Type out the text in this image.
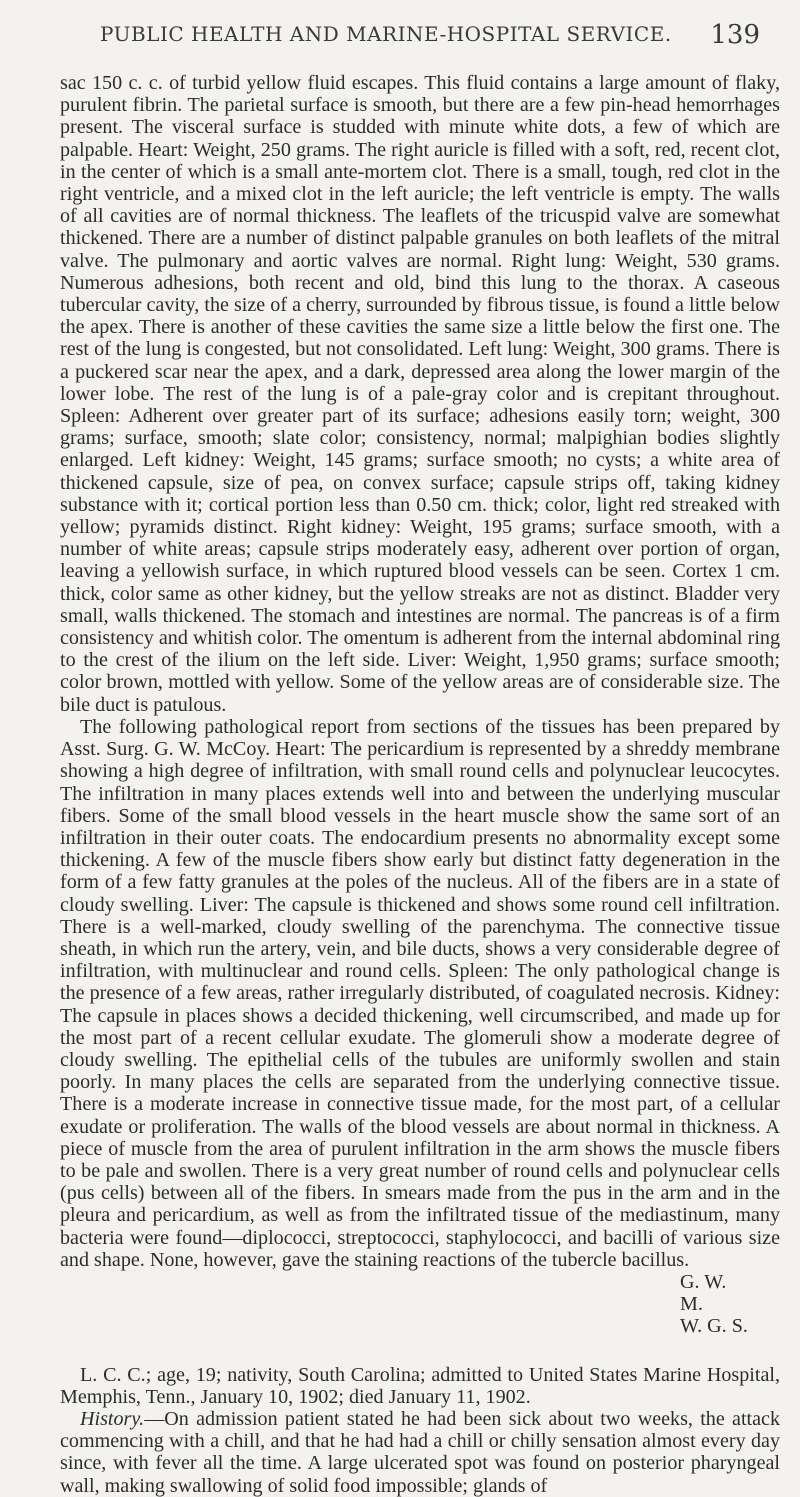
PUBLIC HEALTH AND MARINE-HOSPITAL SERVICE. 139

sac 150 c. c. of turbid yellow fluid escapes. This fluid contains a large amount of flaky, purulent fibrin. The parietal surface is smooth, but there are a few pin-head hemorrhages present. The visceral surface is studded with minute white dots, a few of which are palpable. Heart: Weight, 250 grams. The right auricle is filled with a soft, red, recent clot, in the center of which is a small ante-mortem clot. There is a small, tough, red clot in the right ventricle, and a mixed clot in the left auricle; the left ventricle is empty. The walls of all cavities are of normal thickness. The leaflets of the tricuspid valve are somewhat thickened. There are a number of distinct palpable granules on both leaflets of the mitral valve. The pulmonary and aortic valves are normal. Right lung: Weight, 530 grams. Numerous adhesions, both recent and old, bind this lung to the thorax. A caseous tubercular cavity, the size of a cherry, surrounded by fibrous tissue, is found a little below the apex. There is another of these cavities the same size a little below the first one. The rest of the lung is congested, but not consolidated. Left lung: Weight, 300 grams. There is a puckered scar near the apex, and a dark, depressed area along the lower margin of the lower lobe. The rest of the lung is of a pale-gray color and is crepitant throughout. Spleen: Adherent over greater part of its surface; adhesions easily torn; weight, 300 grams; surface, smooth; slate color; consistency, normal; malpighian bodies slightly enlarged. Left kidney: Weight, 145 grams; surface smooth; no cysts; a white area of thickened capsule, size of pea, on convex surface; capsule strips off, taking kidney substance with it; cortical portion less than 0.50 cm. thick; color, light red streaked with yellow; pyramids distinct. Right kidney: Weight, 195 grams; surface smooth, with a number of white areas; capsule strips moderately easy, adherent over portion of organ, leaving a yellowish surface, in which ruptured blood vessels can be seen. Cortex 1 cm. thick, color same as other kidney, but the yellow streaks are not as distinct. Bladder very small, walls thickened. The stomach and intestines are normal. The pancreas is of a firm consistency and whitish color. The omentum is adherent from the internal abdominal ring to the crest of the ilium on the left side. Liver: Weight, 1,950 grams; surface smooth; color brown, mottled with yellow. Some of the yellow areas are of considerable size. The bile duct is patulous.

The following pathological report from sections of the tissues has been prepared by Asst. Surg. G. W. McCoy. Heart: The pericardium is represented by a shreddy membrane showing a high degree of infiltration, with small round cells and polynuclear leucocytes. The infiltration in many places extends well into and between the underlying muscular fibers. Some of the small blood vessels in the heart muscle show the same sort of an infiltration in their outer coats. The endocardium presents no abnormality except some thickening. A few of the muscle fibers show early but distinct fatty degeneration in the form of a few fatty granules at the poles of the nucleus. All of the fibers are in a state of cloudy swelling. Liver: The capsule is thickened and shows some round cell infiltration. There is a well-marked, cloudy swelling of the parenchyma. The connective tissue sheath, in which run the artery, vein, and bile ducts, shows a very considerable degree of infiltration, with multinuclear and round cells. Spleen: The only pathological change is the presence of a few areas, rather irregularly distributed, of coagulated necrosis. Kidney: The capsule in places shows a decided thickening, well circumscribed, and made up for the most part of a recent cellular exudate. The glomeruli show a moderate degree of cloudy swelling. The epithelial cells of the tubules are uniformly swollen and stain poorly. In many places the cells are separated from the underlying connective tissue. There is a moderate increase in connective tissue made, for the most part, of a cellular exudate or proliferation. The walls of the blood vessels are about normal in thickness. A piece of muscle from the area of purulent infiltration in the arm shows the muscle fibers to be pale and swollen. There is a very great number of round cells and polynuclear cells (pus cells) between all of the fibers. In smears made from the pus in the arm and in the pleura and pericardium, as well as from the infiltrated tissue of the mediastinum, many bacteria were found—diplococci, streptococci, staphylococci, and bacilli of various size and shape. None, however, gave the staining reactions of the tubercle bacillus.

G. W. M.
W. G. S.

L. C. C.; age, 19; nativity, South Carolina; admitted to United States Marine Hospital, Memphis, Tenn., January 10, 1902; died January 11, 1902.

History.—On admission patient stated he had been sick about two weeks, the attack commencing with a chill, and that he had had a chill or chilly sensation almost every day since, with fever all the time. A large ulcerated spot was found on posterior pharyngeal wall, making swallowing of solid food impossible; glands of
